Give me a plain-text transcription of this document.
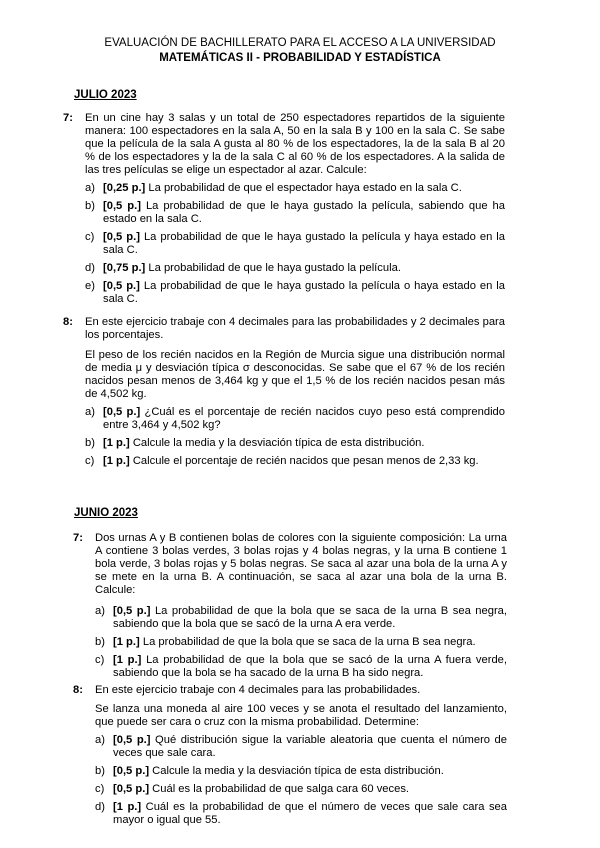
EVALUACIÓN DE BACHILLERATO PARA EL ACCESO A LA UNIVERSIDAD
MATEMÁTICAS II - PROBABILIDAD Y ESTADÍSTICA
JULIO 2023
7: En un cine hay 3 salas y un total de 250 espectadores repartidos de la siguiente manera: 100 espectadores en la sala A, 50 en la sala B y 100 en la sala C. Se sabe que la película de la sala A gusta al 80 % de los espectadores, la de la sala B al 20 % de los espectadores y la de la sala C al 60 % de los espectadores. A la salida de las tres películas se elige un espectador al azar. Calcule:

a) [0,25 p.] La probabilidad de que el espectador haya estado en la sala C.
b) [0,5 p.] La probabilidad de que le haya gustado la película, sabiendo que ha estado en la sala C.
c) [0,5 p.] La probabilidad de que le haya gustado la película y haya estado en la sala C.
d) [0,75 p.] La probabilidad de que le haya gustado la película.
e) [0,5 p.] La probabilidad de que le haya gustado la película o haya estado en la sala C.
8: En este ejercicio trabaje con 4 decimales para las probabilidades y 2 decimales para los porcentajes.

El peso de los recién nacidos en la Región de Murcia sigue una distribución normal de media μ y desviación típica σ desconocidas. Se sabe que el 67 % de los recién nacidos pesan menos de 3,464 kg y que el 1,5 % de los recién nacidos pesan más de 4,502 kg.

a) [0,5 p.] ¿Cuál es el porcentaje de recién nacidos cuyo peso está comprendido entre 3,464 y 4,502 kg?
b) [1 p.] Calcule la media y la desviación típica de esta distribución.
c) [1 p.] Calcule el porcentaje de recién nacidos que pesan menos de 2,33 kg.
JUNIO 2023
7: Dos urnas A y B contienen bolas de colores con la siguiente composición: La urna A contiene 3 bolas verdes, 3 bolas rojas y 4 bolas negras, y la urna B contiene 1 bola verde, 3 bolas rojas y 5 bolas negras. Se saca al azar una bola de la urna A y se mete en la urna B. A continuación, se saca al azar una bola de la urna B. Calcule:

a) [0,5 p.] La probabilidad de que la bola que se saca de la urna B sea negra, sabiendo que la bola que se sacó de la urna A era verde.
b) [1 p.] La probabilidad de que la bola que se saca de la urna B sea negra.
c) [1 p.] La probabilidad de que la bola que se sacó de la urna A fuera verde, sabiendo que la bola se ha sacado de la urna B ha sido negra.
8: En este ejercicio trabaje con 4 decimales para las probabilidades.

Se lanza una moneda al aire 100 veces y se anota el resultado del lanzamiento, que puede ser cara o cruz con la misma probabilidad. Determine:

a) [0,5 p.] Qué distribución sigue la variable aleatoria que cuenta el número de veces que sale cara.
b) [0,5 p.] Calcule la media y la desviación típica de esta distribución.
c) [0,5 p.] Cuál es la probabilidad de que salga cara 60 veces.
d) [1 p.] Cuál es la probabilidad de que el número de veces que sale cara sea mayor o igual que 55.
